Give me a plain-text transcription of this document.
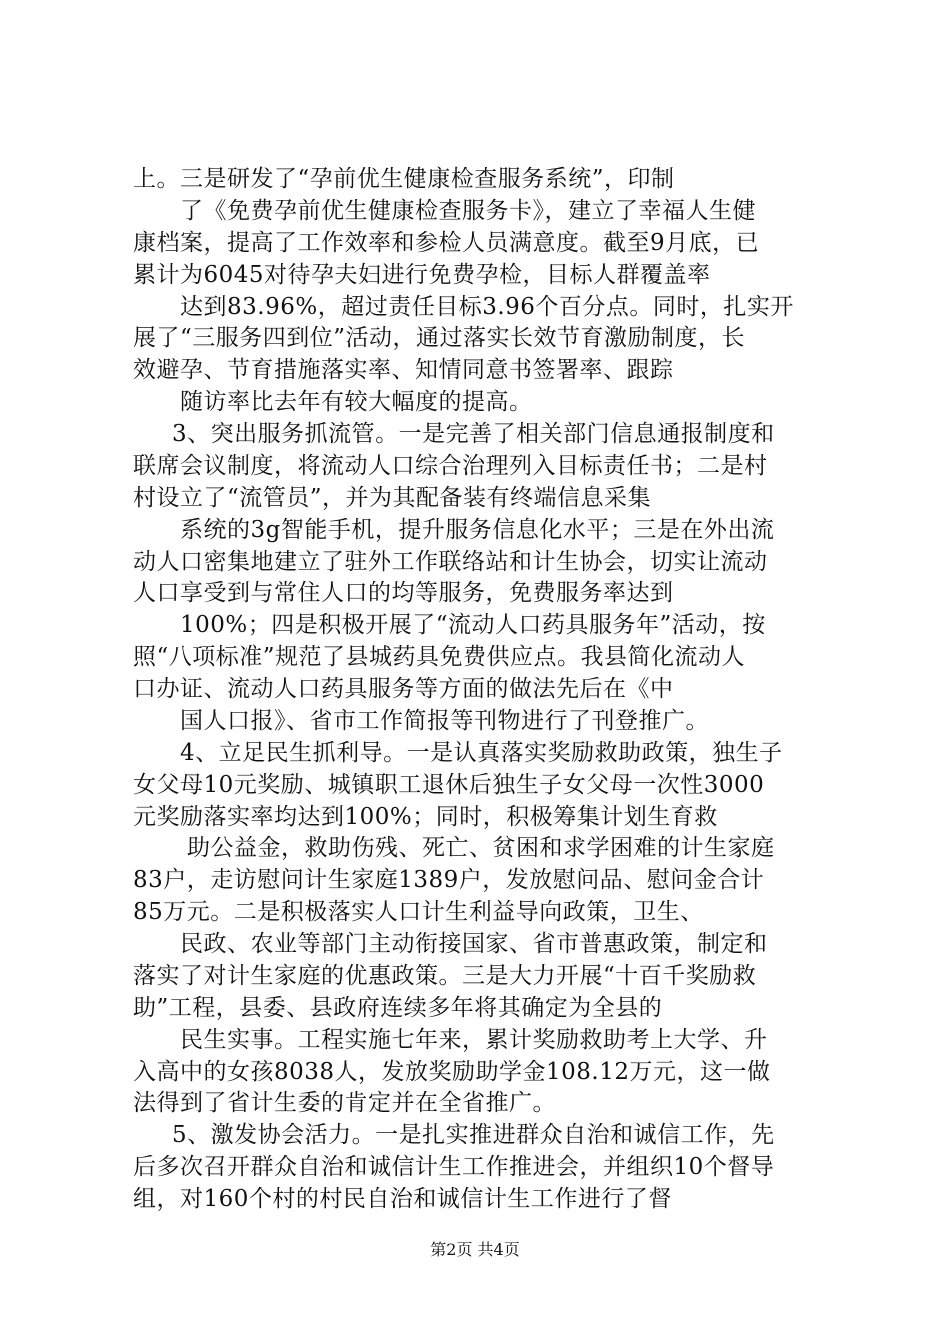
上。三是研发了“孕前优生健康检查服务系统”，印制
了《免费孕前优生健康检查服务卡》，建立了幸福人生健
康档案，提高了工作效率和参检人员满意度。截至9月底，已
累计为6045对待孕夫妇进行免费孕检，目标人群覆盖率
达到83.96%，超过责任目标3.96个百分点。同时，扎实开
展了“三服务四到位”活动，通过落实长效节育激励制度，长
效避孕、节育措施落实率、知情同意书签署率、跟踪
随访率比去年有较大幅度的提高。
3、突出服务抓流管。一是完善了相关部门信息通报制度和
联席会议制度，将流动人口综合治理列入目标责任书；二是村
村设立了“流管员”，并为其配备装有终端信息采集
系统的3g智能手机，提升服务信息化水平；三是在外出流
动人口密集地建立了驻外工作联络站和计生协会，切实让流动
人口享受到与常住人口的均等服务，免费服务率达到
100%；四是积极开展了“流动人口药具服务年”活动，按
照“八项标准”规范了县城药具免费供应点。我县简化流动人
口办证、流动人口药具服务等方面的做法先后在《中
国人口报》、省市工作简报等刊物进行了刊登推广。
4、立足民生抓利导。一是认真落实奖励救助政策，独生子
女父母10元奖励、城镇职工退休后独生子女父母一次性3000
元奖励落实率均达到100%；同时，积极筹集计划生育救
助公益金，救助伤残、死亡、贫困和求学困难的计生家庭
83户，走访慰问计生家庭1389户，发放慰问品、慰问金合计
85万元。二是积极落实人口计生利益导向政策，卫生、
民政、农业等部门主动衔接国家、省市普惠政策，制定和
落实了对计生家庭的优惠政策。三是大力开展“十百千奖励救
助”工程，县委、县政府连续多年将其确定为全县的
民生实事。工程实施七年来，累计奖励救助考上大学、升
入高中的女孩8038人，发放奖励助学金108.12万元，这一做
法得到了省计生委的肯定并在全省推广。
5、激发协会活力。一是扎实推进群众自治和诚信工作，先
后多次召开群众自治和诚信计生工作推进会，并组织10个督导
组，对160个村的村民自治和诚信计生工作进行了督
第2页 共4页
